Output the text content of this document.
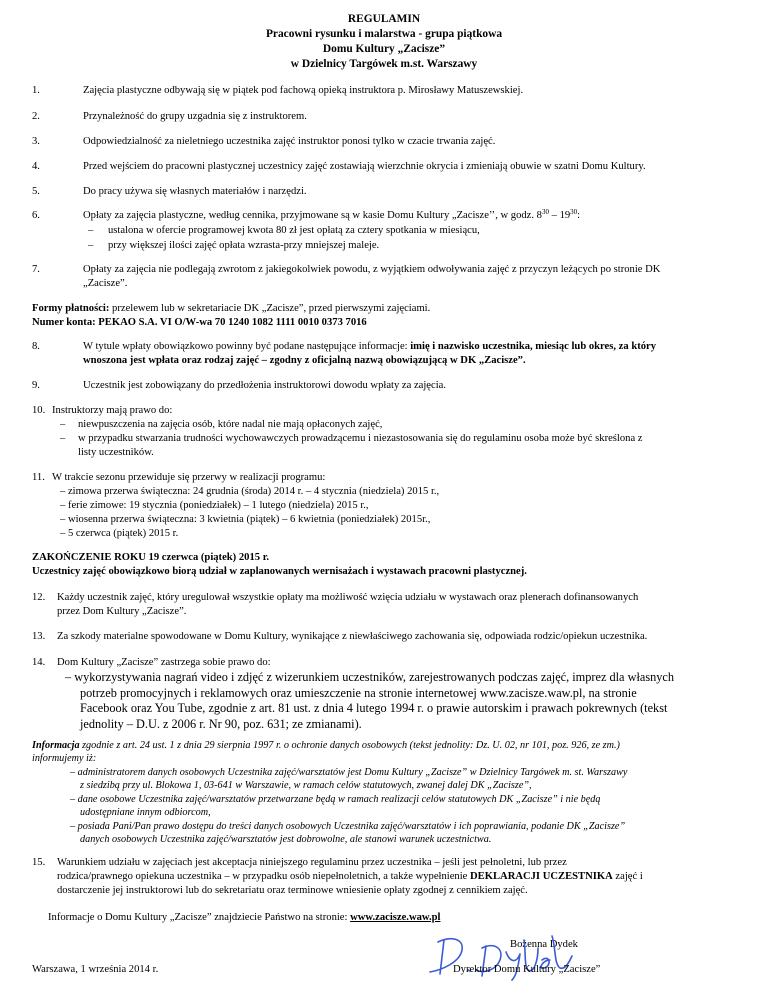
REGULAMIN
Pracowni rysunku i malarstwa - grupa piątkowa
Domu Kultury „Zacisze”
w Dzielnicy Targówek m.st. Warszawy
1.	Zajęcia plastyczne odbywają się w piątek pod fachową opieką instruktora p. Mirosławy Matuszewskiej.
2.	Przynależność do grupy uzgadnia się z instruktorem.
3.	Odpowiedzialność za nieletniego uczestnika zajęć instruktor ponosi tylko w czacie trwania zajęć.
4.	Przed wejściem do pracowni plastycznej uczestnicy zajęć zostawiają wierzchnie okrycia i zmieniają obuwie w szatni Domu Kultury.
5.	Do pracy używa się własnych materiałów i narzędzi.
6.	Opłaty za zajęcia plastyczne, według cennika, przyjmowane są w kasie Domu Kultury „Zacisze’’, w godz. $8^{30} - 19^{30}$:
– ustalona w ofercie programowej kwota 80 zł jest opłatą za cztery spotkania w miesiącu,
– przy większej ilości zajęć opłata wzrasta-przy mniejszej maleje.
7.	Opłaty za zajęcia nie podlegają zwrotom z jakiegokolwiek powodu, z wyjątkiem odwoływania zajęć z przyczyn leżących po stronie DK
„Zacisze”.
Formy płatności: przelewem lub w sekretariacie DK „Zacisze”, przed pierwszymi zajęciami.
Numer konta: PEKAO S.A. VI O/W-wa 70 1240 1082 1111 0010 0373 7016
8.	W tytule wpłaty obowiązkowo powinny być podane następujące informacje: imię i nazwisko uczestnika, miesiąc lub okres, za który
wnoszona jest wpłata oraz rodzaj zajęć – zgodny z oficjalną nazwą obowiązującą w DK „Zacisze”.
9.	Uczestnik jest zobowiązany do przedłożenia instruktorowi dowodu wpłaty za zajęcia.
10. Instruktorzy mają prawo do:
– niewpuszczenia na zajęcia osób, które nadal nie mają opłaconych zajęć,
– w przypadku stwarzania trudności wychowawczych prowadzącemu i niezastosowania się do regulaminu osoba może być skreślona z
listy uczestników.
11. W trakcie sezonu przewiduje się przerwy w realizacji programu:
– zimowa przerwa świąteczna: 24 grudnia (środa) 2014 r. – 4 stycznia (niedziela) 2015 r.,
– ferie zimowe: 19 stycznia (poniedziałek) – 1 lutego (niedziela) 2015 r.,
– wiosenna przerwa świąteczna: 3 kwietnia (piątek) – 6 kwietnia (poniedziałek) 2015r.,
– 5 czerwca (piątek) 2015 r.
ZAKOŃCZENIE ROKU 19 czerwca (piątek) 2015 r.
Uczestnicy zajęć obowiązkowo biorą udział w zaplanowanych wernisażach i wystawach pracowni plastycznej.
12. Każdy uczestnik zajęć, który uregulował wszystkie opłaty ma możliwość wzięcia udziału w wystawach oraz plenerach dofinansowanych
przez Dom Kultury „Zacisze”.
13. Za szkody materialne spowodowane w Domu Kultury, wynikające z niewłaściwego zachowania się, odpowiada rodzic/opiekun uczestnika.
14. Dom Kultury „Zacisze” zastrzega sobie prawo do:
– wykorzystywania nagrań video i zdjęć z wizerunkiem uczestników, zarejestrowanych podczas zajęć, imprez dla własnych
potrzeb promocyjnych i reklamowych oraz umieszczenie na stronie internetowej www.zacisze.waw.pl, na stronie
Facebook oraz You Tube, zgodnie z art. 81 ust. z dnia 4 lutego 1994 r. o prawie autorskim i prawach pokrewnych (tekst
jednolity – D.U. z 2006 r. Nr 90, poz. 631; ze zmianami).
Informacja zgodnie z art. 24 ust. 1 z dnia 29 sierpnia 1997 r. o ochronie danych osobowych (tekst jednolity: Dz. U. 02, nr 101, poz. 926, ze zm.)
informujemy iż:
– administratorem danych osobowych Uczestnika zajęć/warsztatów jest Domu Kultury „Zacisze” w Dzielnicy Targówek m. st. Warszawy
z siedzibą przy ul. Blokowa 1, 03-641 w Warszawie, w ramach celów statutowych, zwanej dalej DK „Zacisze”,
– dane osobowe Uczestnika zajęć/warsztatów przetwarzane będą w ramach realizacji celów statutowych DK „Zacisze” i nie będą
udostępniane innym odbiorcom,
– posiada Pani/Pan prawo dostępu do treści danych osobowych Uczestnika zajęć/warsztatów i ich poprawiania, podanie DK „Zacisze”
danych osobowych Uczestnika zajęć/warsztatów jest dobrowolne, ale stanowi warunek uczestnictwa.
15. Warunkiem udziału w zajęciach jest akceptacja niniejszego regulaminu przez uczestnika – jeśli jest pełnoletni, lub przez
rodzica/prawnego opiekuna uczestnika – w przypadku osób niepełnoletnich, a także wypełnienie DEKLARACJI UCZESTNIKA zajęć i
dostarczenie jej instruktorowi lub do sekretariatu oraz terminowe wniesienie opłaty zgodnej z cennikiem zajęć.
Informacje o Domu Kultury „Zacisze” znajdziecie Państwo na stronie: www.zacisze.waw.pl
Bożenna Dydek
Warszawa, 1 września 2014 r.	Dyrektor Domu Kultury „Zacisze”
